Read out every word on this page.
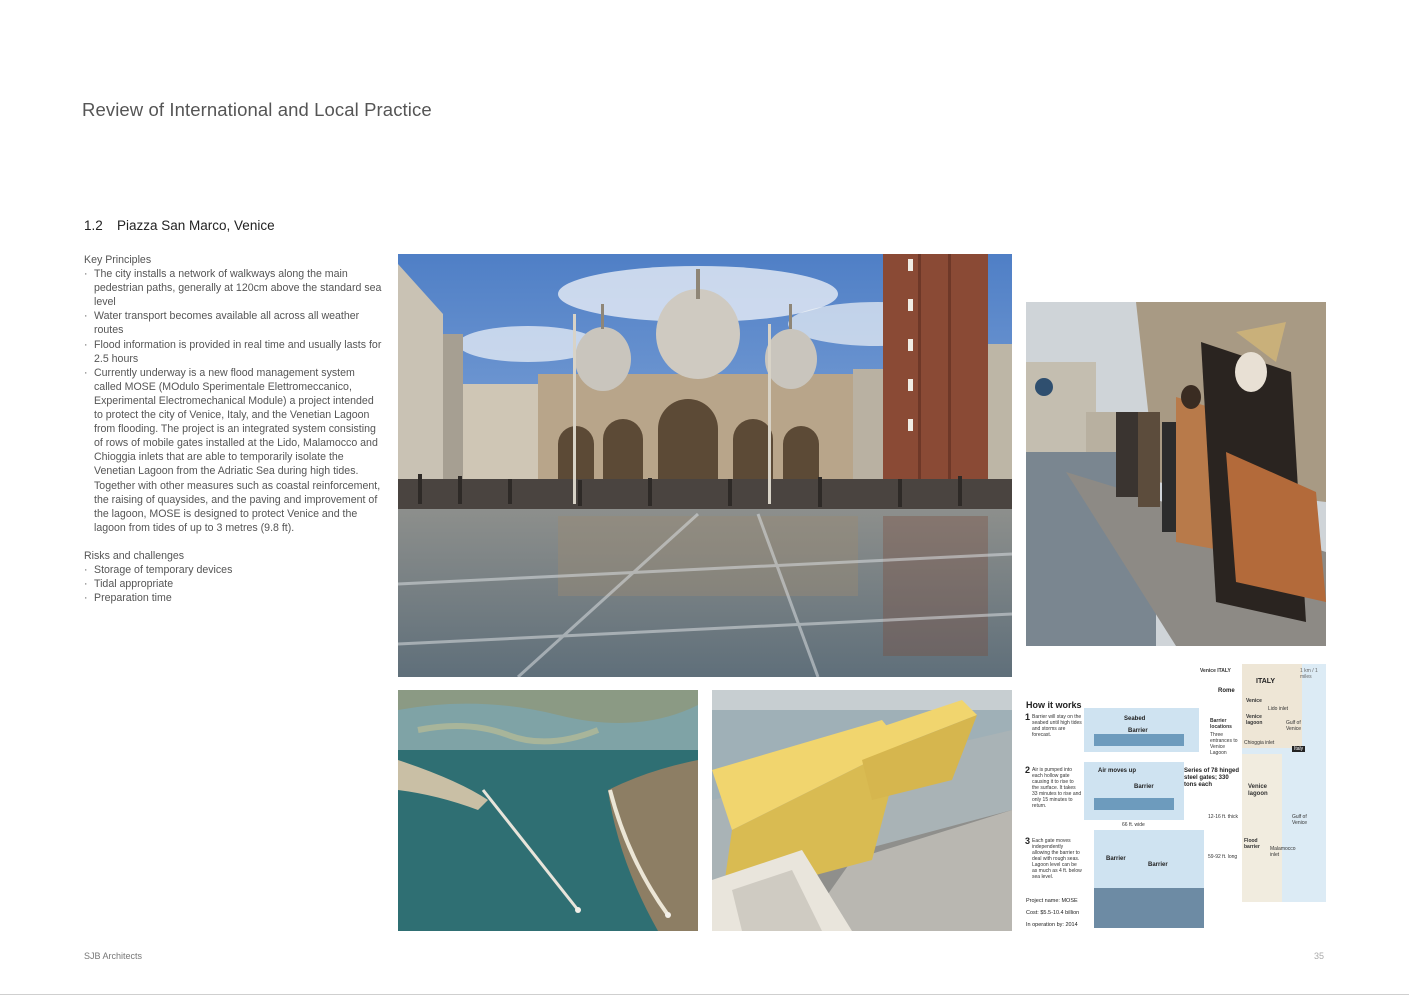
Review of International and Local Practice
1.2 Piazza San Marco, Venice
Key Principles
· The city installs a network of walkways along the main pedestrian paths, generally at 120cm above the standard sea level
· Water transport becomes available all across all weather routes
· Flood information is provided in real time and usually lasts for 2.5 hours
· Currently underway is a new flood management system called MOSE (MOdulo Sperimentale Elettromeccanico, Experimental Electromechanical Module) a project intended to protect the city of Venice, Italy, and the Venetian Lagoon from flooding. The project is an integrated system consisting of rows of mobile gates installed at the Lido, Malamocco and Chioggia inlets that are able to temporarily isolate the Venetian Lagoon from the Adriatic Sea during high tides. Together with other measures such as coastal reinforcement, the raising of quaysides, and the paving and improvement of the lagoon, MOSE is designed to protect Venice and the lagoon from tides of up to 3 metres (9.8 ft).
Risks and challenges
· Storage of temporary devices
· Tidal appropriate
· Preparation time
How it works
1 Barrier will stay on the seabed until high tides and storms are forecast.
Seabed
Barrier
2 Air is pumped into each hollow gate causing it to rise to the surface. It takes 33 minutes to rise and only 15 minutes to return.
Air moves up
Barrier
Series of 78 hinged steel gates; 330 tons each
12-16 ft. thick
66 ft. wide
3 Each gate moves independently allowing the barrier to deal with rough seas. Lagoon level can be as much as 4 ft. below sea level.
Barrier
Barrier
59-92 ft. long
Project name: MOSE
Cost: $5.5-10.4 billion
In operation by: 2014
Venice ITALY
Rome
Barrier locations
Three entrances to Venice Lagoon
ITALY
1 km / 1 miles
Venice
Lido inlet
Venice lagoon	Gulf of Venice
Chioggia inlet
Italy
Venice lagoon
Gulf of Venice
Flood barrier	Malamocco inlet
SJB Architects	35
